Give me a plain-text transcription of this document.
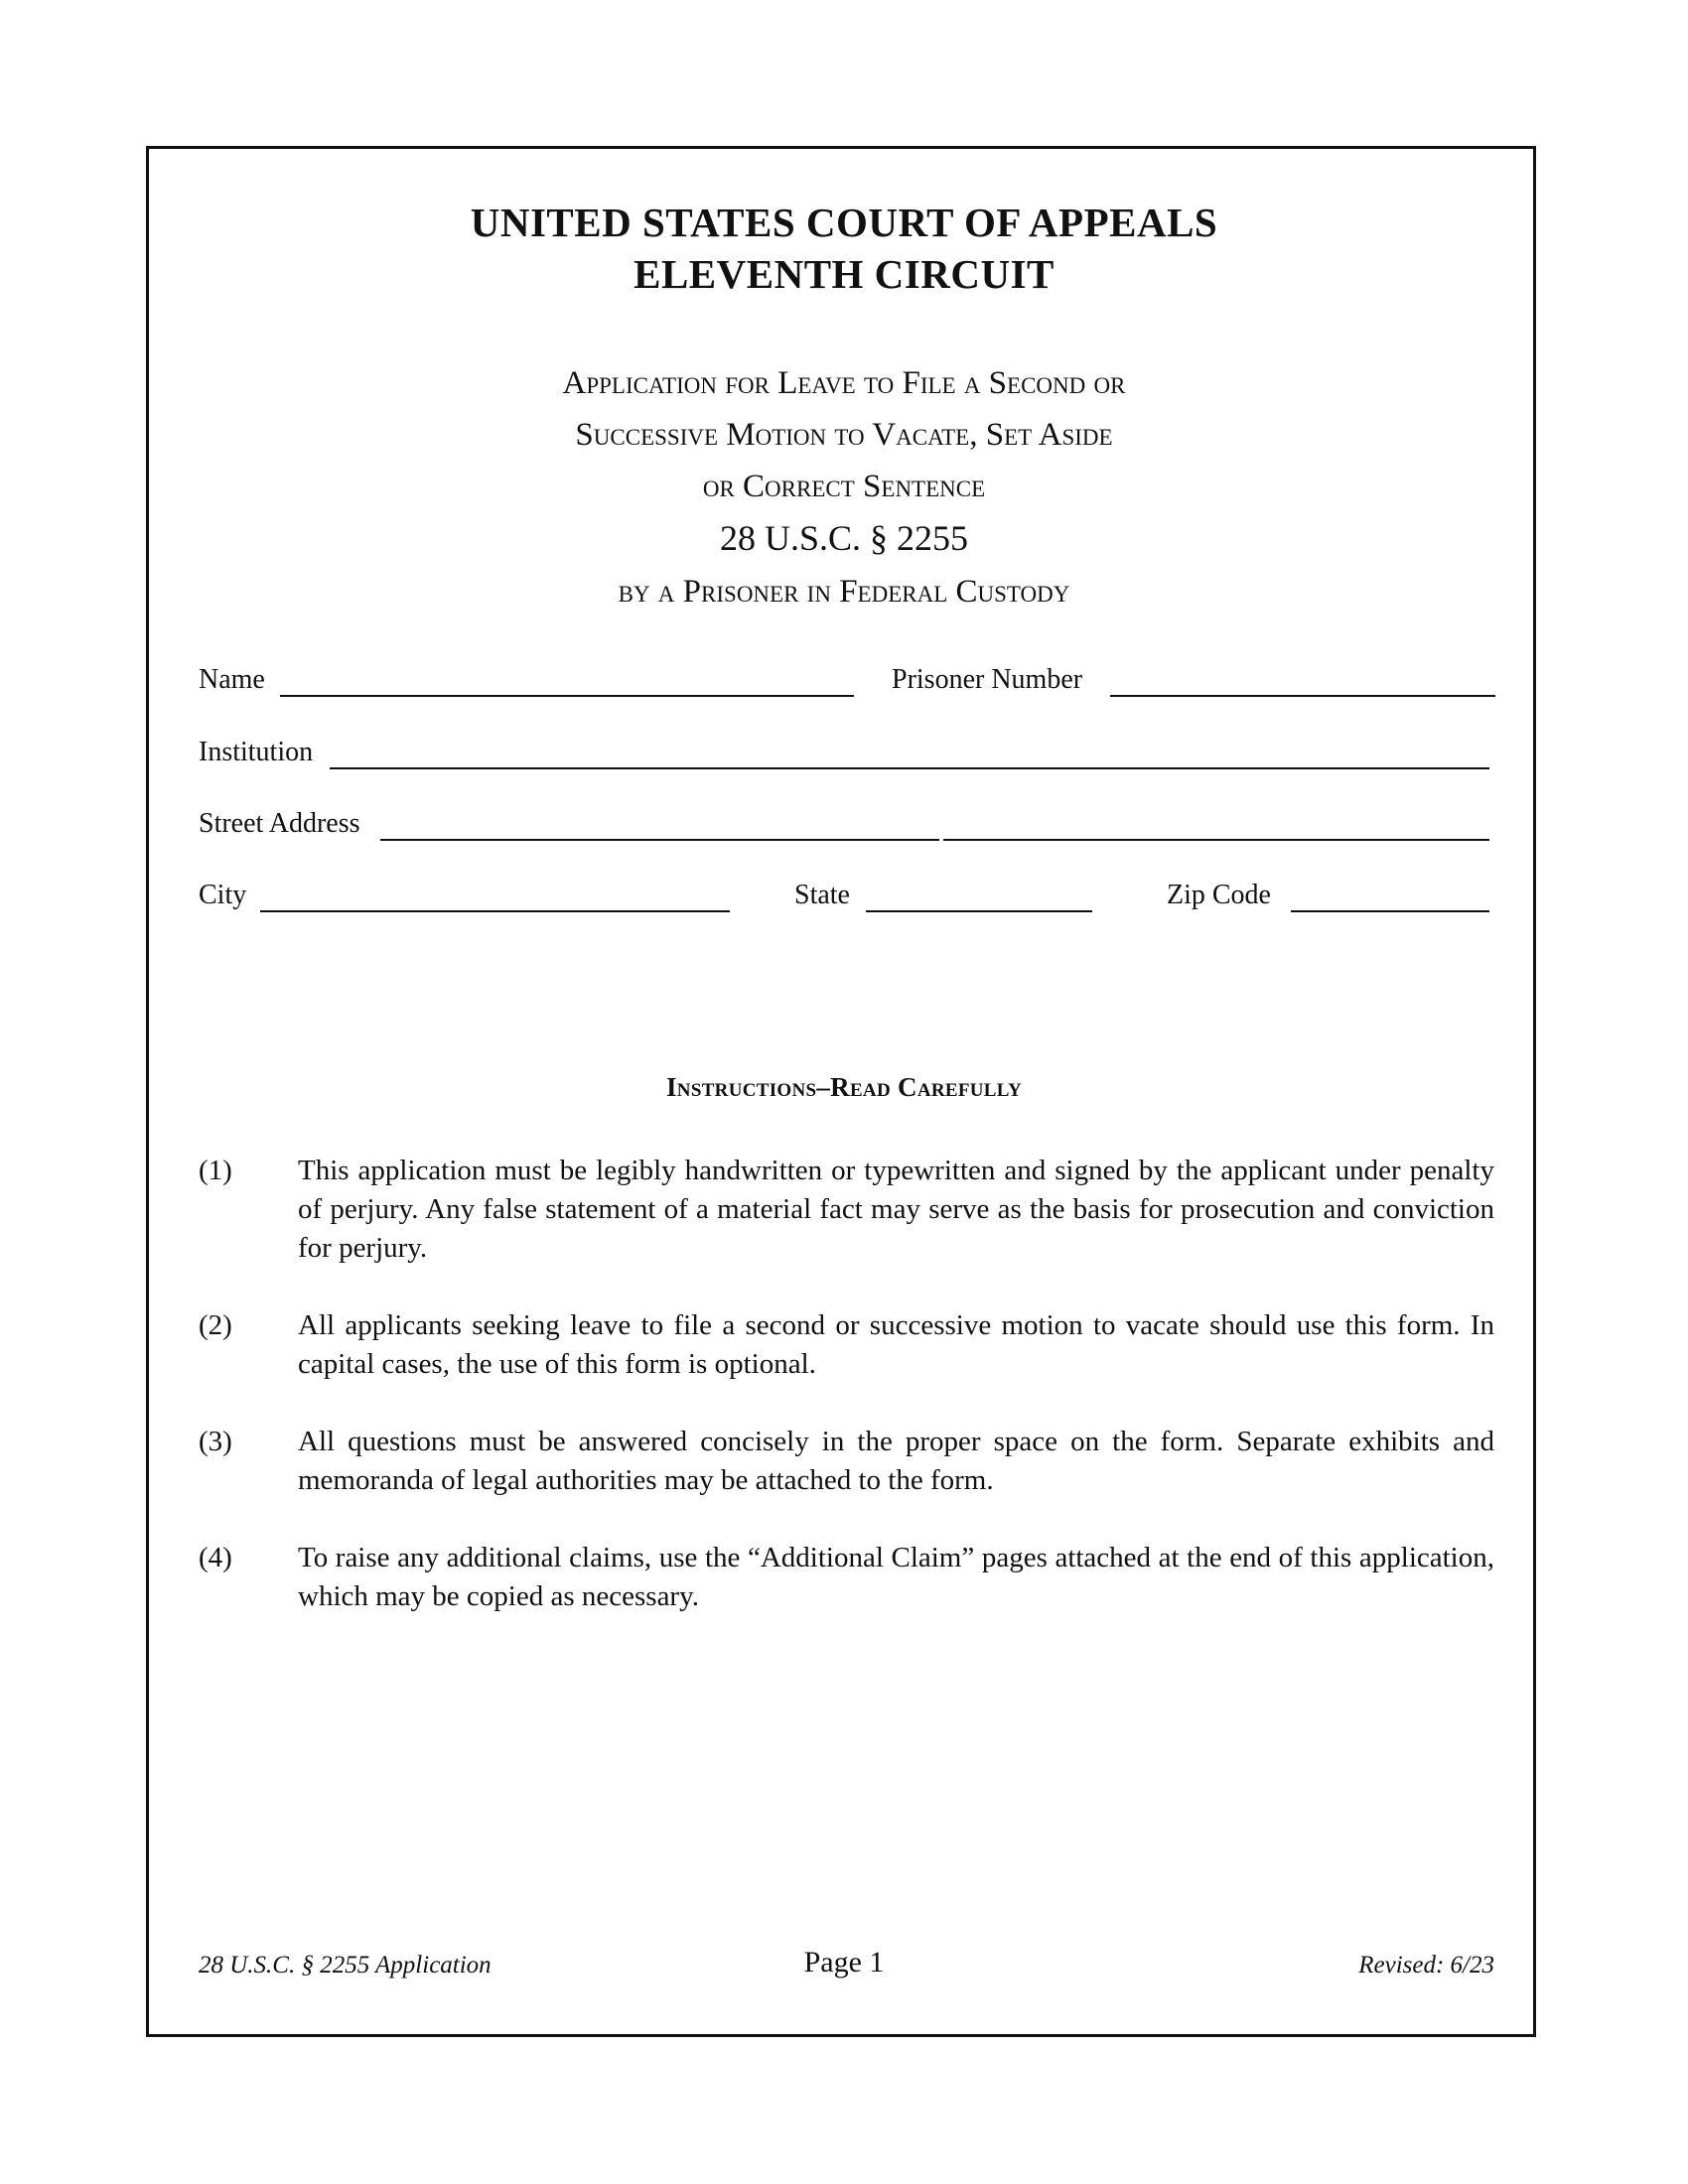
UNITED STATES COURT OF APPEALS
ELEVENTH CIRCUIT
Application for Leave to File a Second or
Successive Motion to Vacate, Set Aside
or Correct Sentence
28 U.S.C. § 2255
by a Prisoner in Federal Custody
Name	Prisoner Number
Institution
Street Address
City	State	Zip Code
Instructions–Read Carefully
(1) This application must be legibly handwritten or typewritten and signed by the applicant under penalty of perjury. Any false statement of a material fact may serve as the basis for prosecution and conviction for perjury.
(2) All applicants seeking leave to file a second or successive motion to vacate should use this form. In capital cases, the use of this form is optional.
(3) All questions must be answered concisely in the proper space on the form. Separate exhibits and memoranda of legal authorities may be attached to the form.
(4) To raise any additional claims, use the “Additional Claim” pages attached at the end of this application, which may be copied as necessary.
28 U.S.C. § 2255 Application	Page 1	Revised: 6/23
